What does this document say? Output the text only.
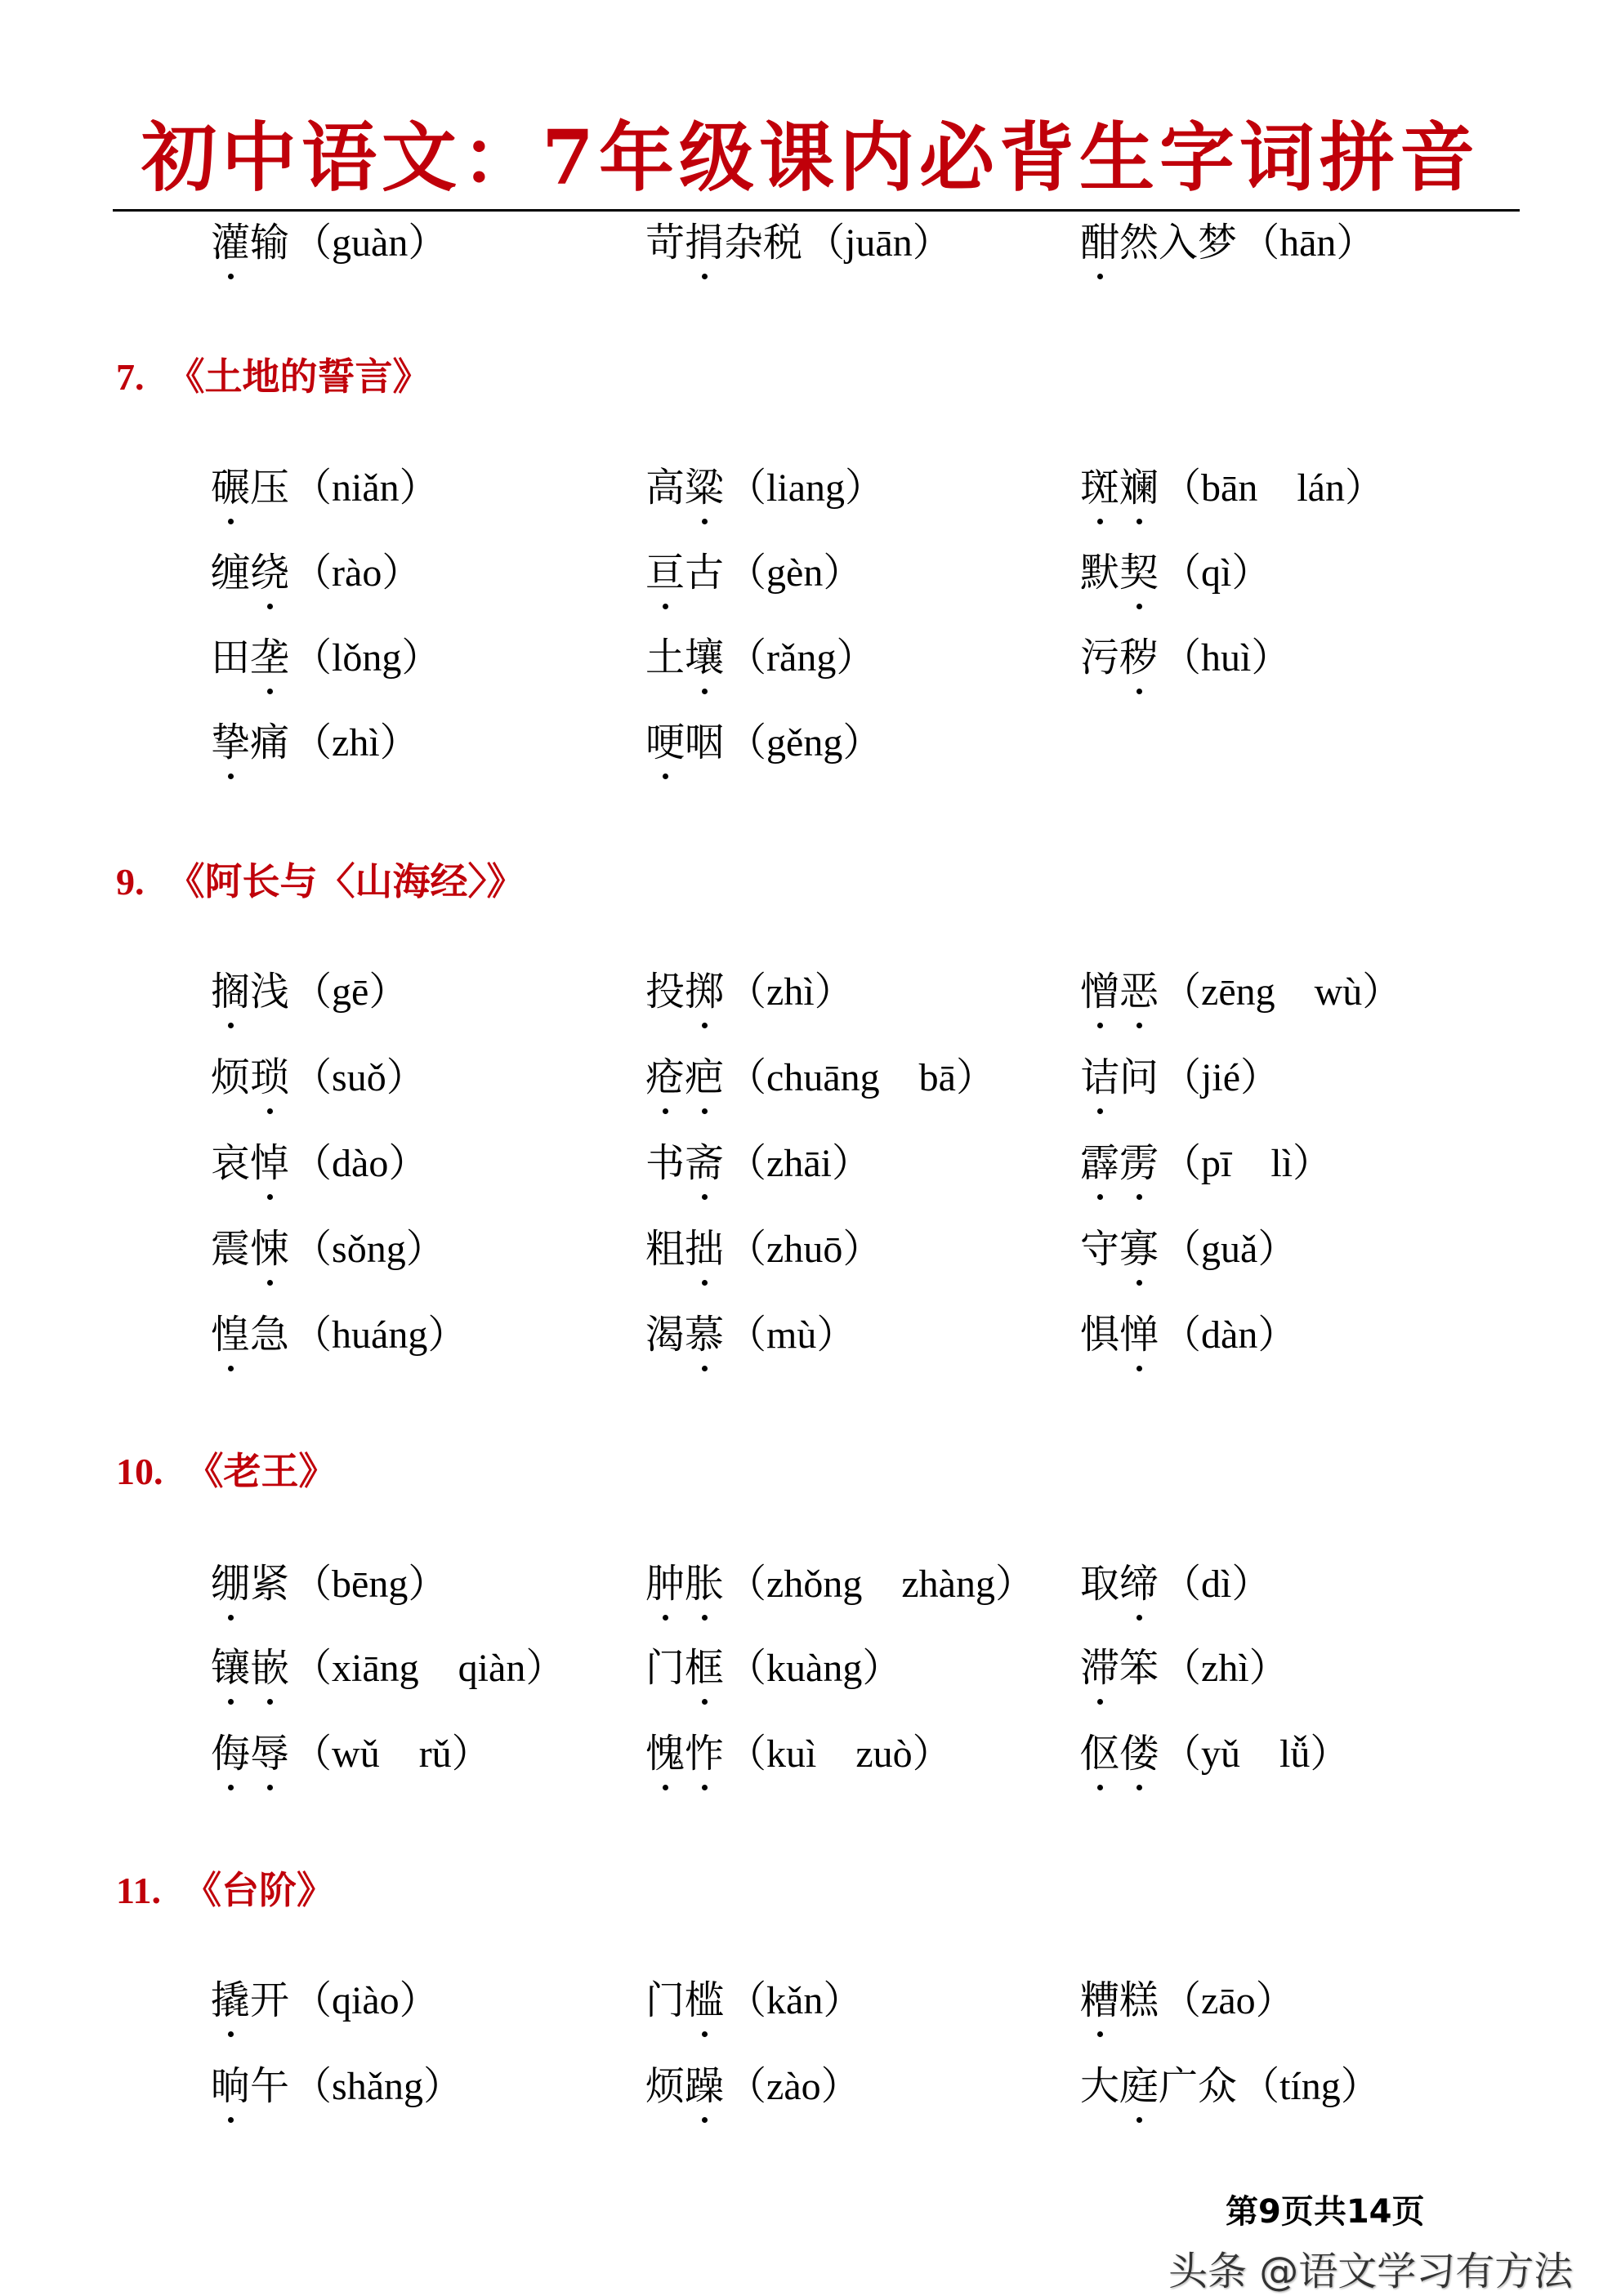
初中语文：7年级课内必背生字词拼音
灌输（guàn）	苛捐杂税（juān）	酣然入梦（hān）
7. 《土地的誓言》
碾压（niǎn）	高粱（liang）	斑斓（bān　lán）
缠绕（rào）	亘古（gèn）	默契（qì）
田垄（lǒng）	土壤（rǎng）	污秽（huì）
挚痛（zhì）	哽咽（gěng）
9. 《阿长与〈山海经〉》
搁浅（gē）	投掷（zhì）	憎恶（zēng　wù）
烦琐（suǒ）	疮疤（chuāng　bā） 诘问（jié）
哀悼（dào）	书斋（zhāi）	霹雳（pī　lì）
震悚（sǒng）	粗拙（zhuō）	守寡（guǎ）
惶急（huáng）	渴慕（mù）	惧惮（dàn）
10. 《老王》
绷紧（bēng）	肿胀（zhǒng　zhàng） 取缔（dì）
镶嵌（xiāng　qiàn） 门框（kuàng）	滞笨（zhì）
侮辱（wǔ　rǔ）	愧怍（kuì　zuò）	伛偻（yǔ　lǚ）
11. 《台阶》
撬开（qiào）	门槛（kǎn）	糟糕（zāo）
晌午（shǎng）	烦躁（zào）	大庭广众（tíng）
第9页共14页
头条 @语文学习有方法
